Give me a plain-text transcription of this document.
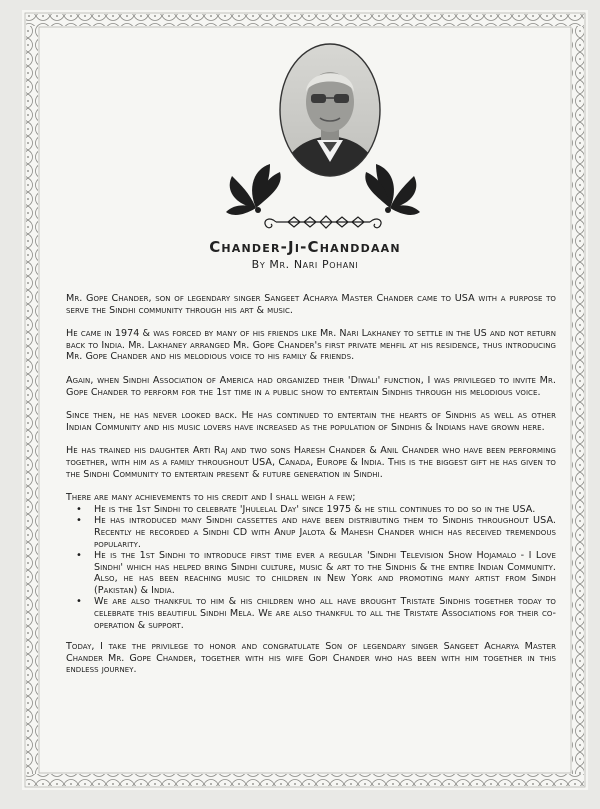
Chander-Ji-Chanddaan
By Mr. Nari Pohani

Mr. Gope Chander, son of legendary singer Sangeet Acharya Master Chander came to USA with a purpose to serve the Sindhi community through his art & music.

He came in 1974 & was forced by many of his friends like Mr. Nari Lakhaney to settle in the US and not return back to India. Mr. Lakhaney arranged Mr. Gope Chander's first private mehfil at his residence, thus introducing Mr. Gope Chander and his melodious voice to his family & friends.

Again, when Sindhi Association of America had organized their 'Diwali' function, I was privileged to invite Mr. Gope Chander to perform for the 1st time in a public show to entertain Sindhis through his melodious voice.

Since then, he has never looked back. He has continued to entertain the hearts of Sindhis as well as other Indian Community and his music lovers have increased as the population of Sindhis & Indians have grown here.

He has trained his daughter Arti Raj and two sons Haresh Chander & Anil Chander who have been performing together, with him as a family throughout USA, Canada, Europe & India. This is the biggest gift he has given to the Sindhi Community to entertain present & future generation in Sindhi.

There are many achievements to his credit and I shall weigh a few;

• He is the 1st Sindhi to celebrate 'Jhulelal Day' since 1975 & he still continues to do so in the USA.
• He has introduced many Sindhi cassettes and have been distributing them to Sindhis throughout USA. Recently he recorded a Sindhi CD with Anup Jalota & Mahesh Chander which has received tremendous popularity.
• He is the 1st Sindhi to introduce first time ever a regular 'Sindhi Television Show Hojamalo - I Love Sindhi' which has helped bring Sindhi culture, music & art to the Sindhis & the entire Indian Community. Also, he has been reaching music to children in New York and promoting many artist from Sindh (Pakistan) & India.
• We are also thankful to him & his children who all have brought Tristate Sindhis together today to celebrate this beautiful Sindhi Mela. We are also thankful to all the Tristate Associations for their co-operation & support.

Today, I take the privilege to honor and congratulate Son of legendary singer Sangeet Acharya Master Chander Mr. Gope Chander, together with his wife Gopi Chander who has been with him together in this endless journey.
